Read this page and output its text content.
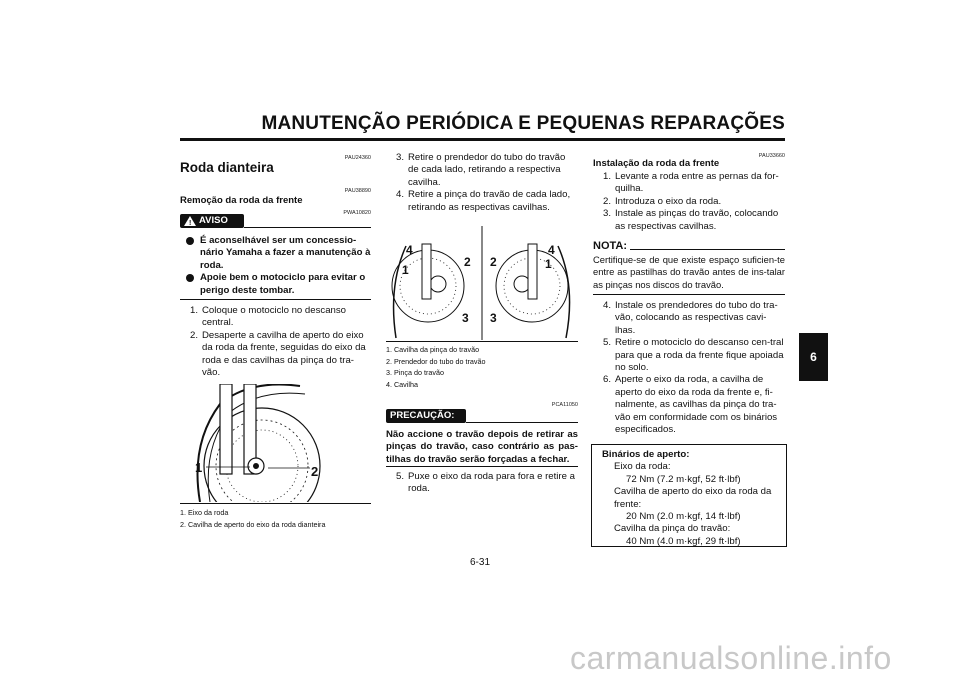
MANUTENÇÃO PERIÓDICA E PEQUENAS REPARAÇÕES
6
PAU24360
Roda dianteira
PAU38890
Remoção da roda da frente
! AVISO
PWA10820
É aconselhável ser um concessio-nário Yamaha a fazer a manutenção à roda.
Apoie bem o motociclo para evitar o perigo deste tombar.
1. Coloque o motociclo no descanso central.
2. Desaperte a cavilha de aperto do eixo da roda da frente, seguidas do eixo da roda e das cavilhas da pinça do tra-vão.
1	2
1. Eixo da roda
2. Cavilha de aperto do eixo da roda dianteira
3. Retire o prendedor do tubo do travão de cada lado, retirando a respectiva cavilha.
4. Retire a pinça do travão de cada lado, retirando as respectivas cavilhas.
4
1
2
3
2
4
1
3
1. Cavilha da pinça do travão
2. Prendedor do tubo do travão
3. Pinça do travão
4. Cavilha
PCA11050
PRECAUÇÃO:
Não accione o travão depois de retirar as pinças do travão, caso contrário as pas-tilhas do travão serão forçadas a fechar.
5. Puxe o eixo da roda para fora e retire a roda.
PAU33660
Instalação da roda da frente
1. Levante a roda entre as pernas da for-quilha.
2. Introduza o eixo da roda.
3. Instale as pinças do travão, colocando as respectivas cavilhas.
NOTA:
Certifique-se de que existe espaço suficien-te entre as pastilhas do travão antes de ins-talar as pinças nos discos do travão.
4. Instale os prendedores do tubo do tra-vão, colocando as respectivas cavi-lhas.
5. Retire o motociclo do descanso cen-tral para que a roda da frente fique apoiada no solo.
6. Aperte o eixo da roda, a cavilha de aperto do eixo da roda da frente e, fi-nalmente, as cavilhas da pinça do tra-vão em conformidade com os binários especificados.
Binários de aperto:
Eixo da roda:
72 Nm (7.2 m·kgf, 52 ft·lbf)
Cavilha de aperto do eixo da roda da frente:
20 Nm (2.0 m·kgf, 14 ft·lbf)
Cavilha da pinça do travão:
40 Nm (4.0 m·kgf, 29 ft·lbf)
6-31
carmanualsonline.info
